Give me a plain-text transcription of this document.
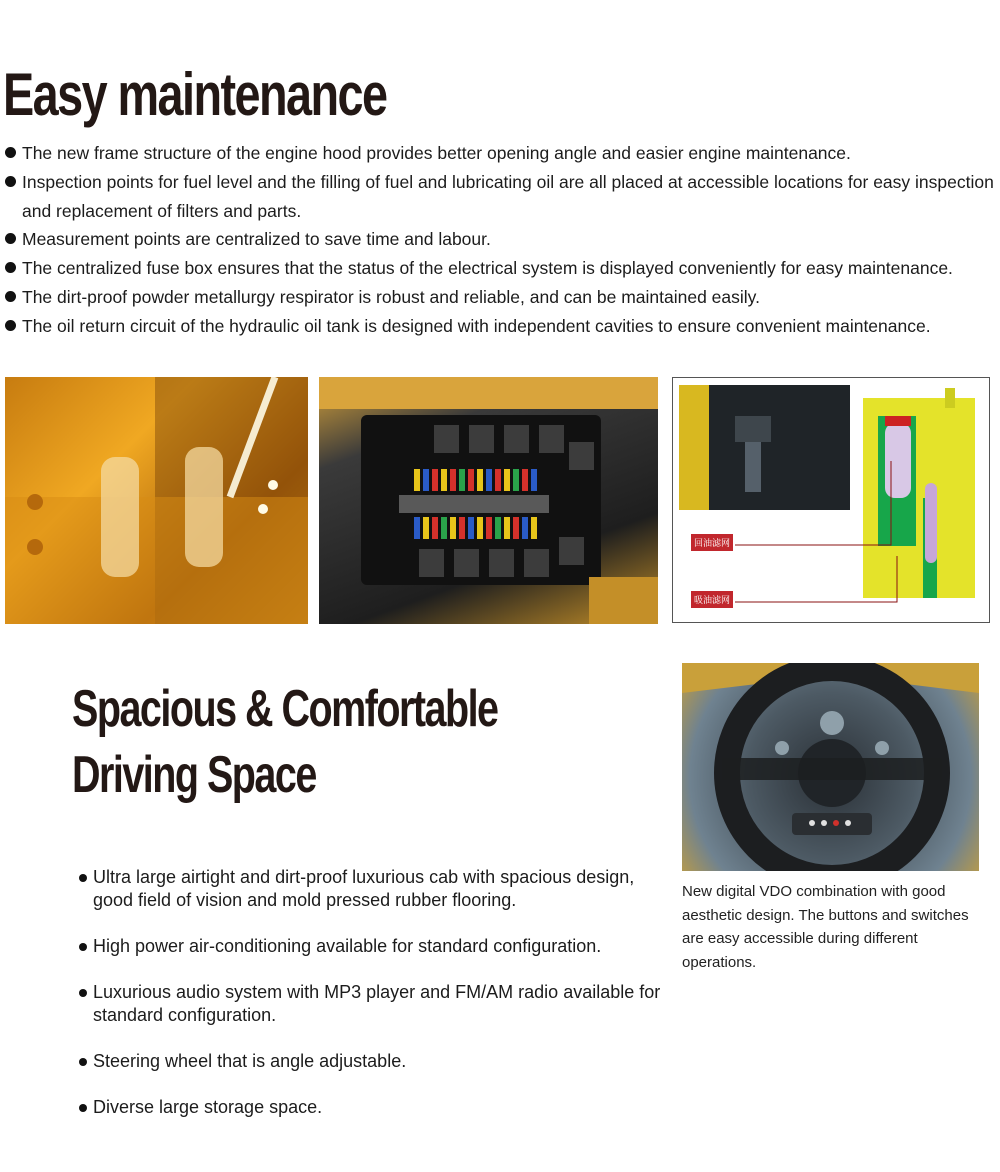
Easy maintenance
The new frame structure of the engine hood provides better opening angle and easier engine maintenance.
Inspection points for fuel level and the filling of fuel and lubricating oil are all placed at accessible locations for easy inspection and replacement of filters and parts.
Measurement points are centralized to save time and labour.
The centralized fuse box ensures that the status of the electrical system is displayed conveniently for easy maintenance.
The dirt-proof powder metallurgy respirator is robust and reliable, and can be maintained easily.
The oil return circuit of the hydraulic oil tank is designed with independent cavities to ensure convenient maintenance.
回油滤网
吸油滤网
Spacious & Comfortable
Driving Space
Ultra large airtight and dirt-proof luxurious cab with spacious design, good field of vision and mold pressed rubber flooring.
High power air-conditioning available for standard configuration.
Luxurious audio system with MP3 player and FM/AM radio available for standard configuration.
Steering wheel that is angle adjustable.
Diverse large storage space.

New digital VDO combination with good aesthetic design. The buttons and switches are easy accessible during different operations.
